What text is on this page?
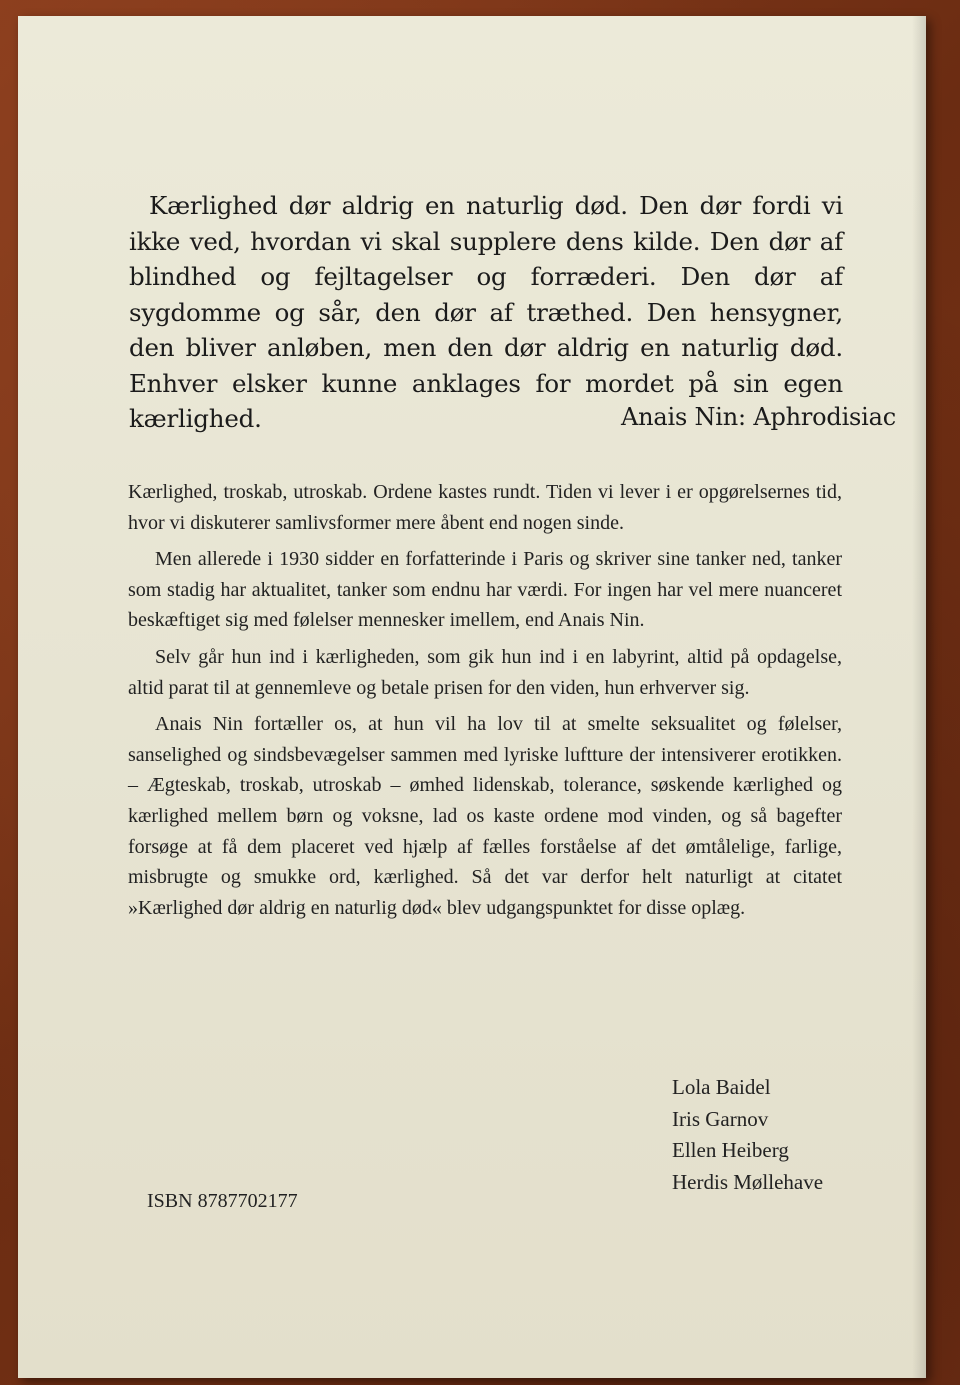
Kærlighed dør aldrig en naturlig død. Den dør fordi vi ikke ved, hvordan vi skal supplere dens kilde. Den dør af blindhed og fejltagelser og forræderi. Den dør af sygdomme og sår, den dør af træthed. Den hensygner, den bliver anløben, men den dør aldrig en naturlig død. Enhver elsker kunne anklages for mordet på sin egen kærlighed.	Anais Nin: Aphrodisiac

Kærlighed, troskab, utroskab. Ordene kastes rundt. Tiden vi lever i er opgørelsernes tid, hvor vi diskuterer samlivsformer mere åbent end nogen sinde.

Men allerede i 1930 sidder en forfatterinde i Paris og skriver sine tanker ned, tanker som stadig har aktualitet, tanker som endnu har værdi. For ingen har vel mere nuanceret beskæftiget sig med følelser mennesker imellem, end Anais Nin.

Selv går hun ind i kærligheden, som gik hun ind i en labyrint, altid på opdagelse, altid parat til at gennemleve og betale prisen for den viden, hun erhverver sig.

Anais Nin fortæller os, at hun vil ha lov til at smelte seksualitet og følelser, sanselighed og sindsbevægelser sammen med lyriske luftture der intensiverer erotikken. – Ægteskab, troskab, utroskab – ømhed lidenskab, tolerance, søskende kærlighed og kærlighed mellem børn og voksne, lad os kaste ordene mod vinden, og så bagefter forsøge at få dem placeret ved hjælp af fælles forståelse af det ømtålelige, farlige, misbrugte og smukke ord, kærlighed. Så det var derfor helt naturligt at citatet »Kærlighed dør aldrig en naturlig død« blev udgangspunktet for disse oplæg.

Lola Baidel
Iris Garnov
Ellen Heiberg
Herdis Møllehave
ISBN 8787702177
